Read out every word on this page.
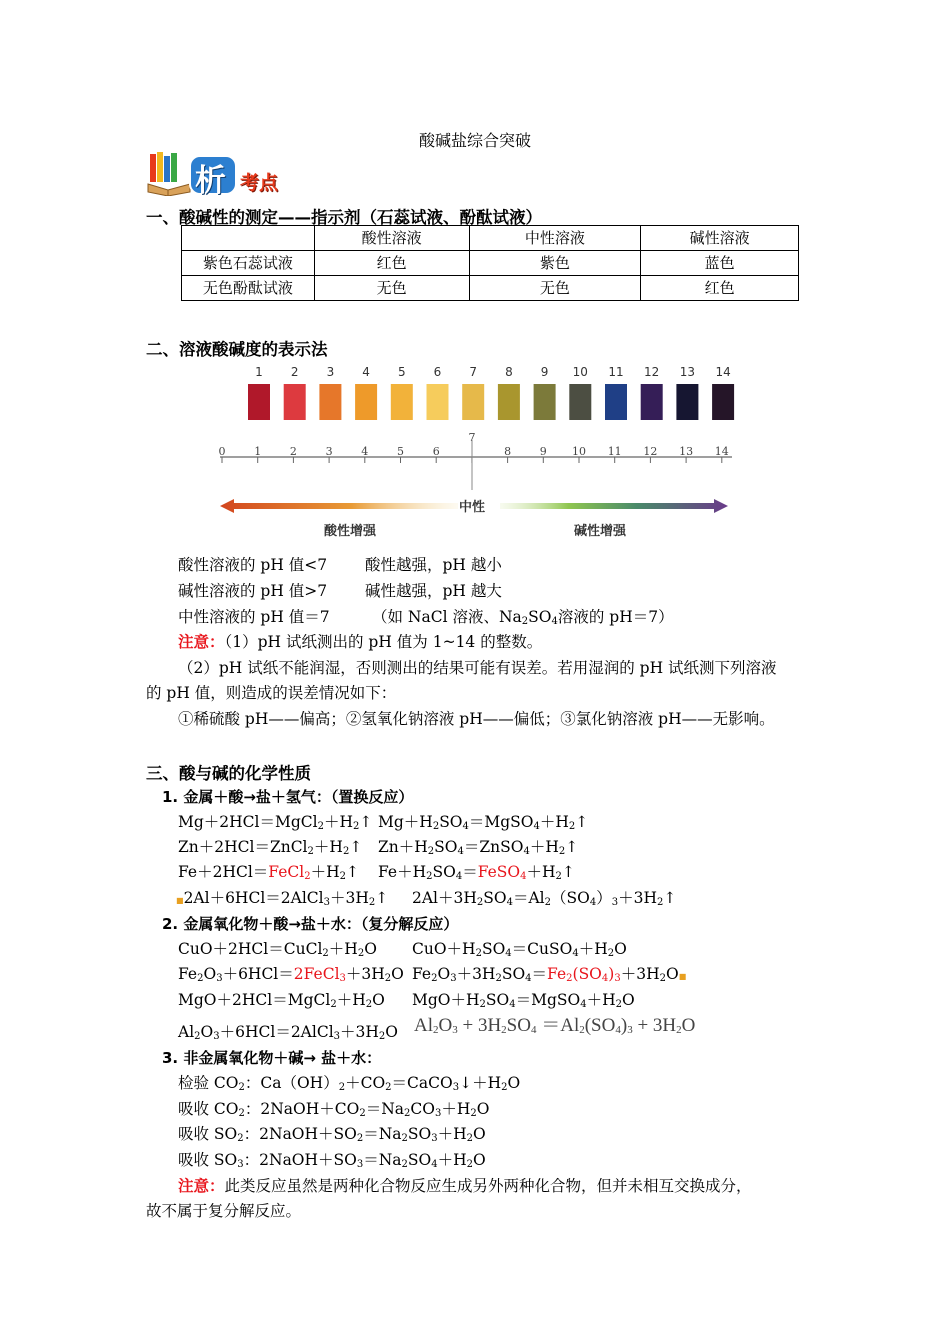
酸碱盐综合突破
析 考点
一、酸碱性的测定——指示剂（石蕊试液、酚酞试液）
	酸性溶液	中性溶液	碱性溶液
紫色石蕊试液	红色	紫色	蓝色
无色酚酞试液	无色	无色	红色
二、溶液酸碱度的表示法
1 2 3 4 5 6 7 8 9 10 11 12 13 14
0	1	2	3	4	5	6
7
8	9 10 11 12 13 14
中性
酸性增强	碱性增强
酸性溶液的 pH 值<7 酸性越强，pH 越小
碱性溶液的 pH 值>7 碱性越强，pH 越大
中性溶液的 pH 值＝7	（如 NaCl 溶液、$Na_2SO_4$溶液的 pH＝7）
注意：（1）pH 试纸测出的 pH 值为 1~14 的整数。
（2）pH 试纸不能润湿，否则测出的结果可能有误差。若用湿润的 pH 试纸测下列溶液
的 pH 值，则造成的误差情况如下：
①稀硫酸 pH——偏高；②氢氧化钠溶液 pH——偏低；③氯化钠溶液 pH——无影响。
三、酸与碱的化学性质
1. 金属＋酸→盐＋氢气：（置换反应）
$Mg+2HCl=MgCl_2+H_2↑$ $Mg+H_2SO_4=MgSO_4+H_2↑$
$Zn+2HCl=ZnCl_2+H_2↑$ $Zn+H_2SO_4=ZnSO_4+H_2↑$
$Fe+2HCl=FeCl_2+H_2↑$ $Fe+H_2SO_4=FeSO_4+H_2↑$
$■2Al+6HCl=2AlCl_3+3H_2↑$ $2Al+3H_2SO_4=Al_2(SO_4)_3+3H_2↑$
2. 金属氧化物＋酸→盐＋水：（复分解反应）
$CuO+2HCl=CuCl_2+H_2O$ $CuO+H_2SO_4=CuSO_4+H_2O$
$Fe_2O_3+6HCl=2FeCl_3+3H_2O$ $Fe_2O_3+3H_2SO_4=Fe_2(SO_4)_3+3H_2O■$
$MgO+2HCl=MgCl_2+H_2O$ $MgO+H_2SO_4=MgSO_4+H_2O$
$Al_2O_3+6HCl=2AlCl_3+3H_2O$ $Al_2O_3 + 3H_2SO_4 =Al_2(SO_4)_3 + 3H_2O$
3. 非金属氧化物＋碱→ 盐＋水：
检验 $CO_2$：$Ca(OH)_2+CO_2=CaCO_3↓+H_2O$
吸收 $CO_2$：$2NaOH+CO_2=Na_2CO_3+H_2O$
吸收 $SO_2$：$2NaOH+SO_2=Na_2SO_3+H_2O$
吸收 $SO_3$：$2NaOH+SO_3=Na_2SO_4+H_2O$
注意：此类反应虽然是两种化合物反应生成另外两种化合物，但并未相互交换成分，
故不属于复分解反应。
